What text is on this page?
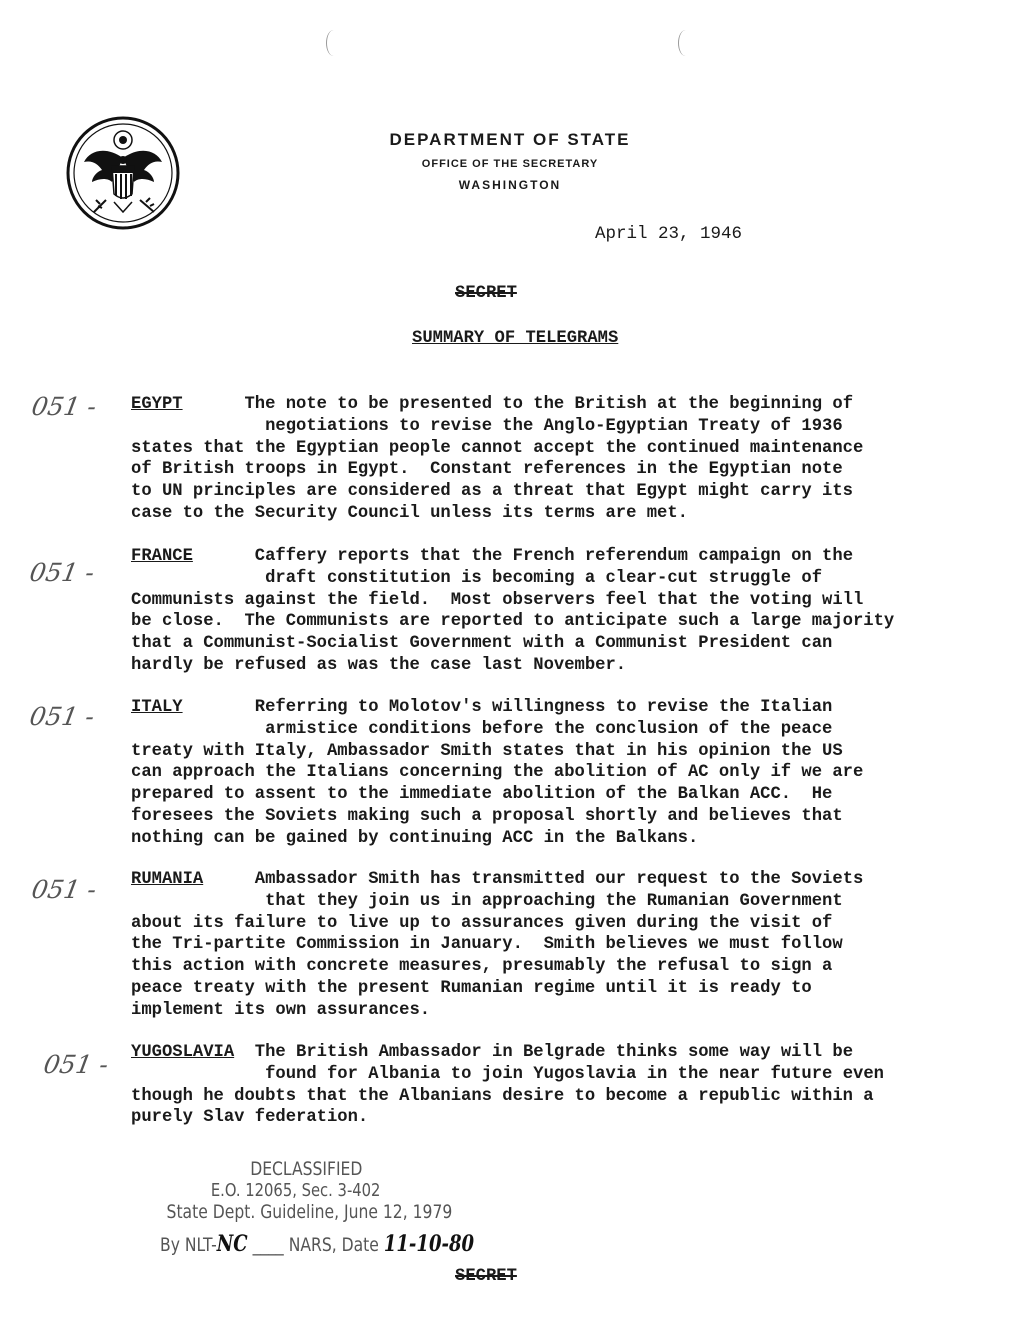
DEPARTMENT OF STATE
OFFICE OF THE SECRETARY
WASHINGTON
April 23, 1946
SECRET
SUMMARY OF TELEGRAMS
051 - EGYPT	The note to be presented to the British at the beginning of

negotiations to revise the Anglo-Egyptian Treaty of 1936

states that the Egyptian people cannot accept the continued maintenance

of British troops in Egypt.  Constant references in the Egyptian note

to UN principles are considered as a threat that Egypt might carry its

case to the Security Council unless its terms are met.

051 -

FRANCE	Caffery reports that the French referendum campaign on the

draft constitution is becoming a clear-cut struggle of

Communists against the field.  Most observers feel that the voting will

be close.  The Communists are reported to anticipate such a large majority

that a Communist-Socialist Government with a Communist President can

hardly be refused as was the case last November.

051 - ITALY	Referring to Molotov's willingness to revise the Italian

armistice conditions before the conclusion of the peace

treaty with Italy, Ambassador Smith states that in his opinion the US

can approach the Italians concerning the abolition of AC only if we are

prepared to assent to the immediate abolition of the Balkan ACC.  He

foresees the Soviets making such a proposal shortly and believes that

nothing can be gained by continuing ACC in the Balkans.

051 - RUMANIA	Ambassador Smith has transmitted our request to the Soviets

that they join us in approaching the Rumanian Government

about its failure to live up to assurances given during the visit of

the Tri-partite Commission in January.  Smith believes we must follow

this action with concrete measures, presumably the refusal to sign a

peace treaty with the present Rumanian regime until it is ready to

implement its own assurances.

051 - YUGOSLAVIA The British Ambassador in Belgrade thinks some way will be

found for Albania to join Yugoslavia in the near future even

though he doubts that the Albanians desire to become a republic within a

purely Slav federation.

DECLASSIFIED
E.O. 12065, Sec. 3-402
State Dept. Guideline, June 12, 1979
By NLT-NC ____ NARS, Date 11-10-80
SECRET
